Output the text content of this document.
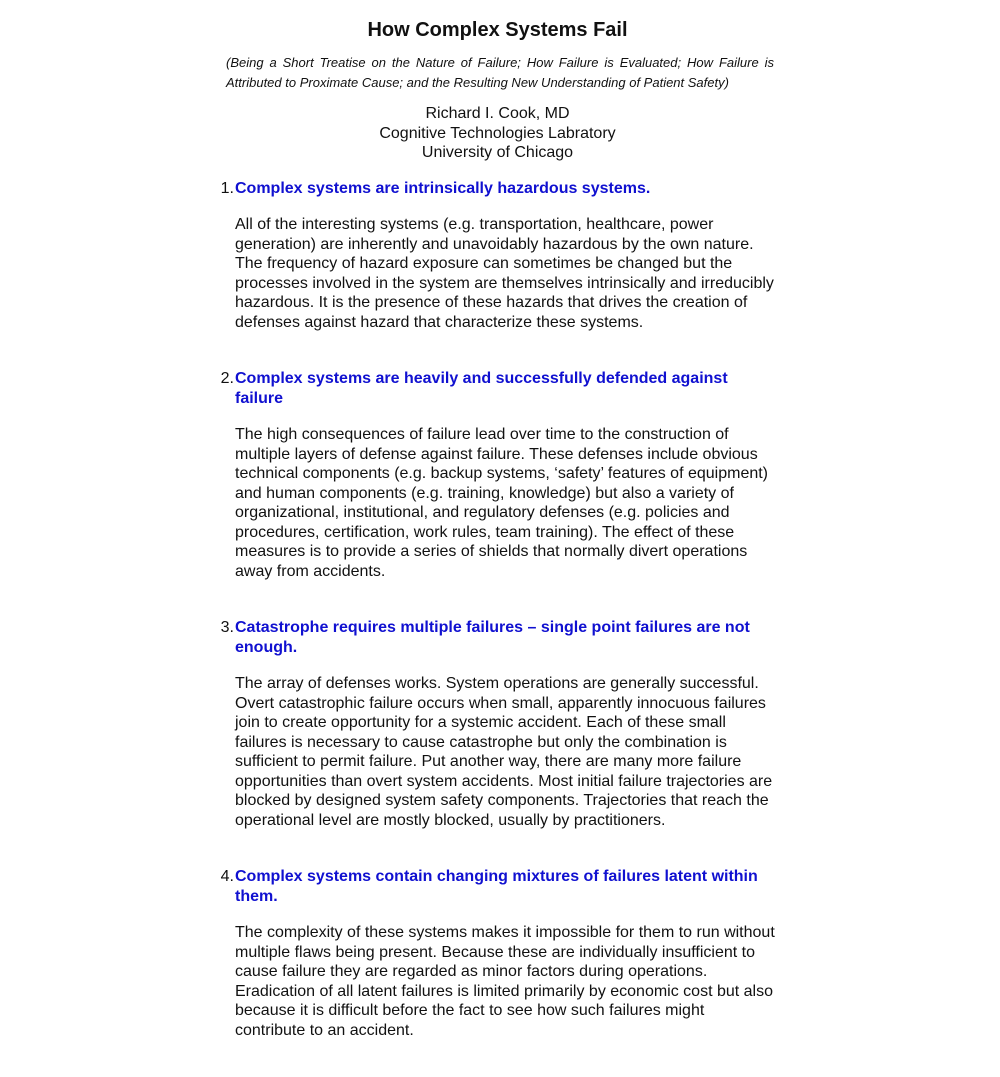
How Complex Systems Fail

(Being a Short Treatise on the Nature of Failure; How Failure is Evaluated; How Failure is Attributed to Proximate Cause; and the Resulting New Understanding of Patient Safety)

Richard I. Cook, MD
Cognitive Technologies Labratory
University of Chicago
1. Complex systems are intrinsically hazardous systems.

All of the interesting systems (e.g. transportation, healthcare, power generation) are inherently and unavoidably hazardous by the own nature. The frequency of hazard exposure can sometimes be changed but the processes involved in the system are themselves intrinsically and irreducibly hazardous. It is the presence of these hazards that drives the creation of defenses against hazard that characterize these systems.

2. Complex systems are heavily and successfully defended against failure

The high consequences of failure lead over time to the construction of multiple layers of defense against failure. These defenses include obvious technical components (e.g. backup systems, ‘safety’ features of equipment) and human components (e.g. training, knowledge) but also a variety of organizational, institutional, and regulatory defenses (e.g. policies and procedures, certification, work rules, team training). The effect of these measures is to provide a series of shields that normally divert operations away from accidents.

3. Catastrophe requires multiple failures – single point failures are not enough.

The array of defenses works. System operations are generally successful. Overt catastrophic failure occurs when small, apparently innocuous failures join to create opportunity for a systemic accident. Each of these small failures is necessary to cause catastrophe but only the combination is sufficient to permit failure. Put another way, there are many more failure opportunities than overt system accidents. Most initial failure trajectories are blocked by designed system safety components. Trajectories that reach the operational level are mostly blocked, usually by practitioners.

4. Complex systems contain changing mixtures of failures latent within them.

The complexity of these systems makes it impossible for them to run without multiple flaws being present. Because these are individually insufficient to cause failure they are regarded as minor factors during operations. Eradication of all latent failures is limited primarily by economic cost but also because it is difficult before the fact to see how such failures might contribute to an accident.
